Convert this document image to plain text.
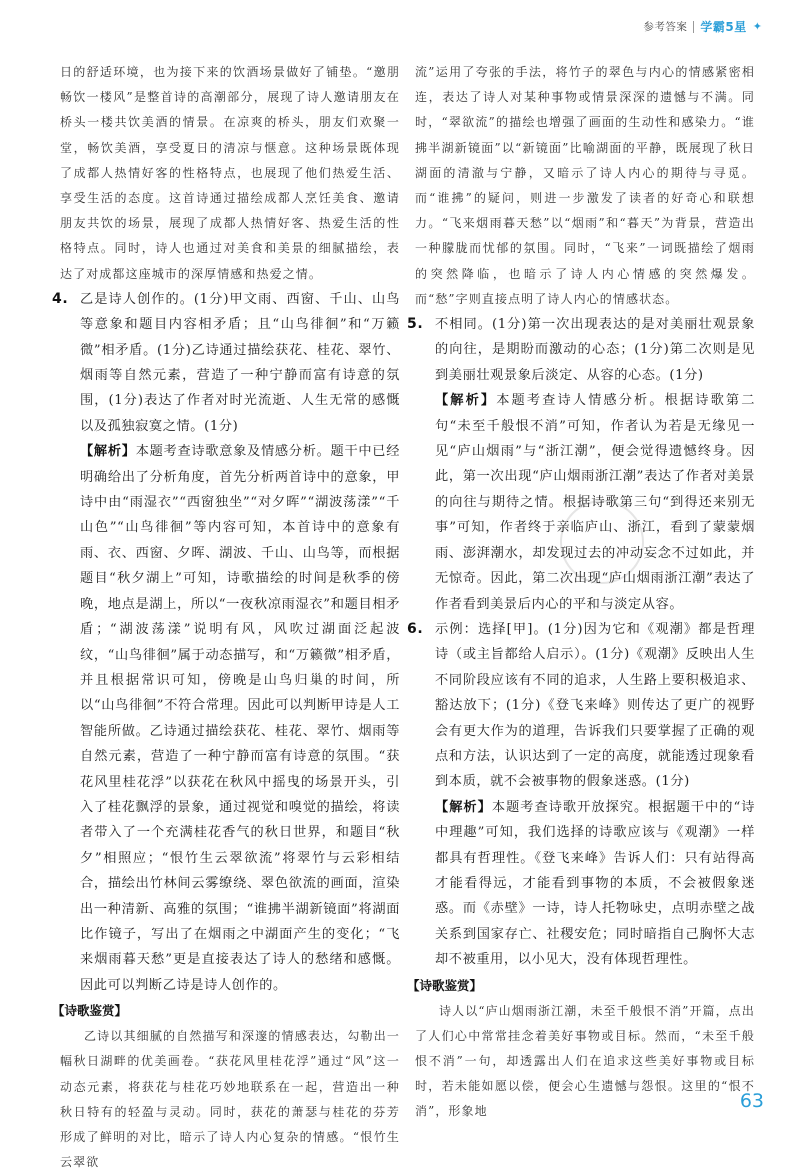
参考答案 学霸5星 ✦

日的舒适环境，也为接下来的饮酒场景做好了铺垫。“邀朋畅饮一楼风”是整首诗的高潮部分，展现了诗人邀请朋友在桥头一楼共饮美酒的情景。在凉爽的桥头，朋友们欢聚一堂，畅饮美酒，享受夏日的清凉与惬意。这种场景既体现了成都人热情好客的性格特点，也展现了他们热爱生活、享受生活的态度。这首诗通过描绘成都人烹饪美食、邀请朋友共饮的场景，展现了成都人热情好客、热爱生活的性格特点。同时，诗人也通过对美食和美景的细腻描绘，表达了对成都这座城市的深厚情感和热爱之情。

4. 乙是诗人创作的。(1分)甲文雨、西窗、千山、山鸟等意象和题目内容相矛盾；且“山鸟徘徊”和“万籁微”相矛盾。(1分)乙诗通过描绘获花、桂花、翠竹、烟雨等自然元素，营造了一种宁静而富有诗意的氛围，(1分)表达了作者对时光流逝、人生无常的感慨以及孤独寂寞之情。(1分)
【解析】本题考查诗歌意象及情感分析。题干中已经明确给出了分析角度，首先分析两首诗中的意象，甲诗中由“雨湿衣”“西窗独坐”“对夕晖”“湖波荡漾”“千山色”“山鸟徘徊”等内容可知，本首诗中的意象有雨、衣、西窗、夕晖、湖波、千山、山鸟等，而根据题目“秋夕湖上”可知，诗歌描绘的时间是秋季的傍晚，地点是湖上，所以“一夜秋凉雨湿衣”和题目相矛盾；“湖波荡漾”说明有风，风吹过湖面泛起波纹，“山鸟徘徊”属于动态描写，和“万籁微”相矛盾，并且根据常识可知，傍晚是山鸟归巢的时间，所以“山鸟徘徊”不符合常理。因此可以判断甲诗是人工智能所做。乙诗通过描绘获花、桂花、翠竹、烟雨等自然元素，营造了一种宁静而富有诗意的氛围。“获花风里桂花浮”以获花在秋风中摇曳的场景开头，引入了桂花飘浮的景象，通过视觉和嗅觉的描绘，将读者带入了一个充满桂花香气的秋日世界，和题目“秋夕”相照应；“恨竹生云翠欲流”将翠竹与云彩相结合，描绘出竹林间云雾缭绕、翠色欲流的画面，渲染出一种清新、高雅的氛围；“谁拂半湖新镜面”将湖面比作镜子，写出了在烟雨之中湖面产生的变化；“飞来烟雨暮天愁”更是直接表达了诗人的愁绪和感慨。因此可以判断乙诗是诗人创作的。
【诗歌鉴赏】

乙诗以其细腻的自然描写和深邃的情感表达，勾勒出一幅秋日湖畔的优美画卷。“获花风里桂花浮”通过“风”这一动态元素，将获花与桂花巧妙地联系在一起，营造出一种秋日特有的轻盈与灵动。同时，获花的萧瑟与桂花的芬芳形成了鲜明的对比，暗示了诗人内心复杂的情感。“恨竹生云翠欲

流”运用了夸张的手法，将竹子的翠色与内心的情感紧密相连，表达了诗人对某种事物或情景深深的遗憾与不满。同时，“翠欲流”的描绘也增强了画面的生动性和感染力。“谁拂半湖新镜面”以“新镜面”比喻湖面的平静，既展现了秋日湖面的清澈与宁静，又暗示了诗人内心的期待与寻觅。而“谁拂”的疑问，则进一步激发了读者的好奇心和联想力。“飞来烟雨暮天愁”以“烟雨”和“暮天”为背景，营造出一种朦胧而忧郁的氛围。同时，“飞来”一词既描绘了烟雨的突然降临，也暗示了诗人内心情感的突然爆发。而“愁”字则直接点明了诗人内心的情感状态。

5. 不相同。(1分)第一次出现表达的是对美丽壮观景象的向往，是期盼而激动的心态；(1分)第二次则是见到美丽壮观景象后淡定、从容的心态。(1分)
【解析】本题考查诗人情感分析。根据诗歌第二句“未至千般恨不消”可知，作者认为若是无缘见一见“庐山烟雨”与“浙江潮”，便会觉得遗憾终身。因此，第一次出现“庐山烟雨浙江潮”表达了作者对美景的向往与期待之情。根据诗歌第三句“到得还来别无事”可知，作者终于亲临庐山、浙江，看到了蒙蒙烟雨、澎湃潮水，却发现过去的冲动妄念不过如此，并无惊奇。因此，第二次出现“庐山烟雨浙江潮”表达了作者看到美景后内心的平和与淡定从容。
6. 示例：选择[甲]。(1分)因为它和《观潮》都是哲理诗（或主旨都给人启示）。(1分)《观潮》反映出人生不同阶段应该有不同的追求，人生路上要积极追求、豁达放下；(1分)《登飞来峰》则传达了更广的视野会有更大作为的道理，告诉我们只要掌握了正确的观点和方法，认识达到了一定的高度，就能透过现象看到本质，就不会被事物的假象迷惑。(1分)
【解析】本题考查诗歌开放探究。根据题干中的“诗中理趣”可知，我们选择的诗歌应该与《观潮》一样都具有哲理性。《登飞来峰》告诉人们：只有站得高才能看得远，才能看到事物的本质，不会被假象迷惑。而《赤壁》一诗，诗人托物咏史，点明赤壁之战关系到国家存亡、社稷安危；同时暗指自己胸怀大志却不被重用，以小见大，没有体现哲理性。
【诗歌鉴赏】

诗人以“庐山烟雨浙江潮，未至千般恨不消”开篇，点出了人们心中常常挂念着美好事物或目标。然而，“未至千般恨不消”一句，却透露出人们在追求这些美好事物或目标时，若未能如愿以偿，便会心生遗憾与怨恨。这里的“恨不消”，形象地	63
